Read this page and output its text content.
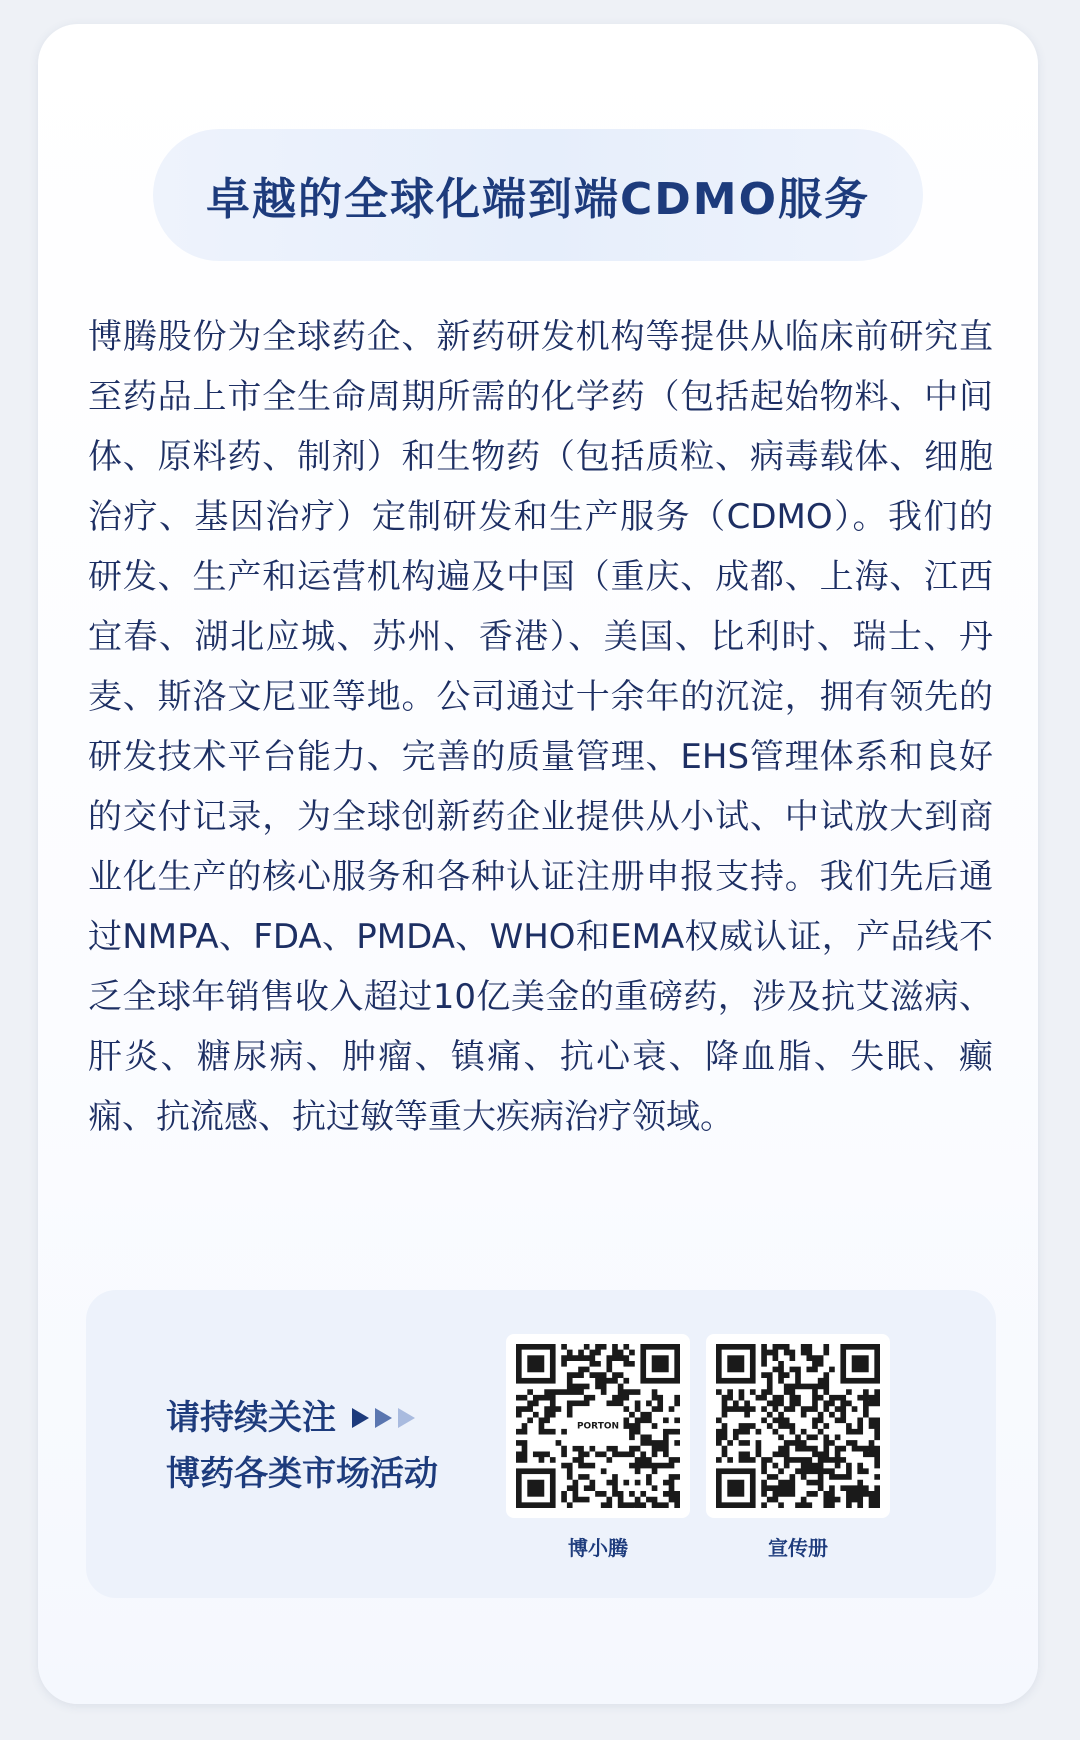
卓越的全球化端到端CDMO服务

博腾股份为全球药企、新药研发机构等提供从临床前研究直至药品上市全生命周期所需的化学药（包括起始物料、中间体、原料药、制剂）和生物药（包括质粒、病毒载体、细胞治疗、基因治疗）定制研发和生产服务（CDMO）。我们的研发、生产和运营机构遍及中国（重庆、成都、上海、江西宜春、湖北应城、苏州、香港）、美国、比利时、瑞士、丹麦、斯洛文尼亚等地。公司通过十余年的沉淀，拥有领先的研发技术平台能力、完善的质量管理、EHS管理体系和良好的交付记录，为全球创新药企业提供从小试、中试放大到商业化生产的核心服务和各种认证注册申报支持。我们先后通过NMPA、FDA、PMDA、WHO和EMA权威认证，产品线不乏全球年销售收入超过10亿美金的重磅药，涉及抗艾滋病、肝炎、糖尿病、肿瘤、镇痛、抗心衰、降血脂、失眠、癫痫、抗流感、抗过敏等重大疾病治疗领域。

请持续关注
博药各类市场活动
PORTON
博小腾	宣传册
